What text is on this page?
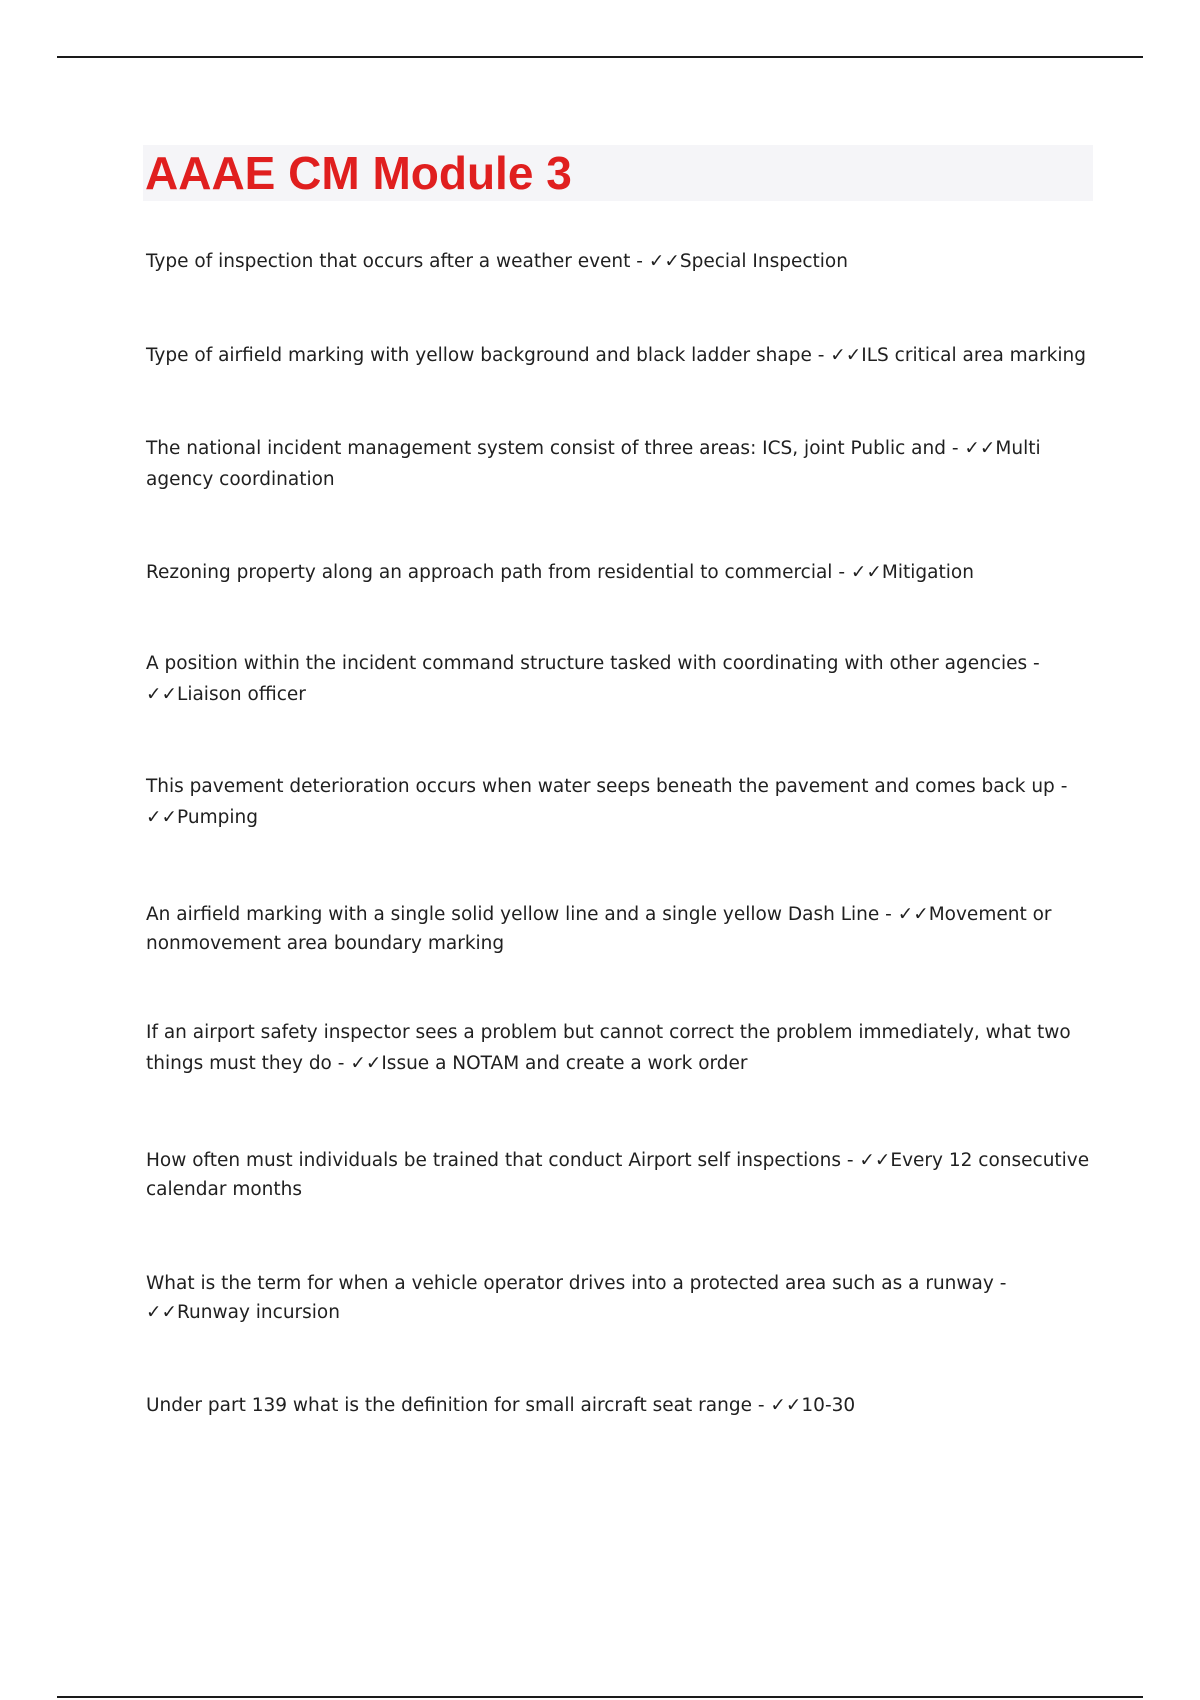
AAAE CM Module 3

Type of inspection that occurs after a weather event - ✓✓Special Inspection

Type of airfield marking with yellow background and black ladder shape - ✓✓ILS critical area marking

The national incident management system consist of three areas: ICS, joint Public and - ✓✓Multi agency coordination

Rezoning property along an approach path from residential to commercial - ✓✓Mitigation

A position within the incident command structure tasked with coordinating with other agencies - ✓✓Liaison officer

This pavement deterioration occurs when water seeps beneath the pavement and comes back up - ✓✓Pumping

An airfield marking with a single solid yellow line and a single yellow Dash Line - ✓✓Movement or nonmovement area boundary marking

If an airport safety inspector sees a problem but cannot correct the problem immediately, what two things must they do - ✓✓Issue a NOTAM and create a work order

How often must individuals be trained that conduct Airport self inspections - ✓✓Every 12 consecutive calendar months

What is the term for when a vehicle operator drives into a protected area such as a runway - ✓✓Runway incursion

Under part 139 what is the definition for small aircraft seat range - ✓✓10-30
